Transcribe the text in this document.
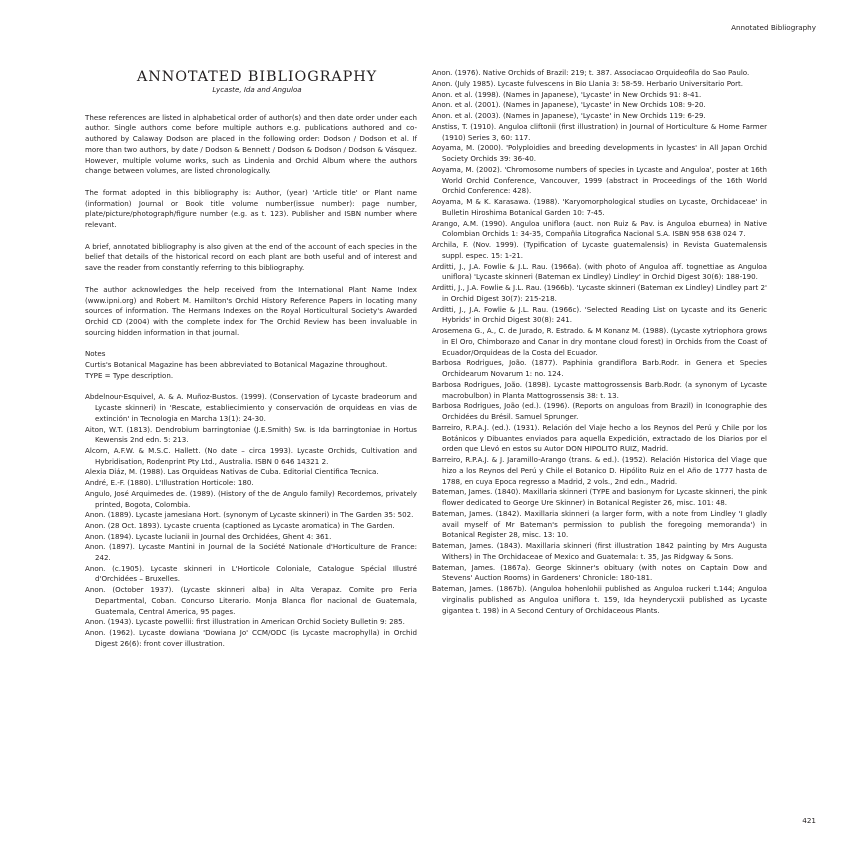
Annotated Bibliography
ANNOTATED BIBLIOGRAPHY
Lycaste, Ida and Anguloa

These references are listed in alphabetical order of author(s) and then date order under each author. Single authors come before multiple authors e.g. publications authored and co-authored by Calaway Dodson are placed in the following order: Dodson / Dodson et al. If more than two authors, by date / Dodson & Bennett / Dodson & Dodson / Dodson & Vásquez. However, multiple volume works, such as Lindenia and Orchid Album where the authors change between volumes, are listed chronologically.

The format adopted in this bibliography is: Author, (year) 'Article title' or Plant name (information) Journal or Book title volume number(issue number): page number, plate/picture/photograph/figure number (e.g. as t. 123). Publisher and ISBN number where relevant.

A brief, annotated bibliography is also given at the end of the account of each species in the belief that details of the historical record on each plant are both useful and of interest and save the reader from constantly referring to this bibliography.

The author acknowledges the help received from the International Plant Name Index (www.ipni.org) and Robert M. Hamilton's Orchid History Reference Papers in locating many sources of information. The Hermans Indexes on the Royal Horticultural Society's Awarded Orchid CD (2004) with the complete index for The Orchid Review has been invaluable in sourcing hidden information in that journal.

Notes
Curtis's Botanical Magazine has been abbreviated to Botanical Magazine throughout.
TYPE = Type description.
Abdelnour-Esquivel, A. & A. Muñoz-Bustos. (1999). (Conservation of Lycaste bradeorum and Lycaste skinneri) in 'Rescate, establiecimiento y conservación de orquideas en vias de extinción' in Tecnologia en Marcha 13(1): 24-30.
Aiton, W.T. (1813). Dendrobium barringtoniae (J.E.Smith) Sw. is Ida barringtoniae in Hortus Kewensis 2nd edn. 5: 213.
Alcorn, A.F.W. & M.S.C. Hallett. (No date – circa 1993). Lycaste Orchids, Cultivation and Hybridisation, Rodenprint Pty Ltd., Australia. ISBN 0 646 14321 2.
Alexia Diáz, M. (1988). Las Orquideas Nativas de Cuba. Editorial Cientifica Tecnica.
André, E.-F. (1880). L'Illustration Horticole: 180.
Angulo, José Arquimedes de. (1989). (History of the de Angulo family) Recordemos, privately printed, Bogota, Colombia.
Anon. (1889). Lycaste jamesiana Hort. (synonym of Lycaste skinneri) in The Garden 35: 502.
Anon. (28 Oct. 1893). Lycaste cruenta (captioned as Lycaste aromatica) in The Garden.
Anon. (1894). Lycaste lucianii in Journal des Orchidées, Ghent 4: 361.
Anon. (1897). Lycaste Mantini in Journal de la Société Nationale d'Horticulture de France: 242.
Anon. (c.1905). Lycaste skinneri in L'Horticole Coloniale, Catalogue Spécial Illustré d'Orchidées – Bruxelles.
Anon. (October 1937). (Lycaste skinneri alba) in Alta Verapaz. Comite pro Feria Departmental, Coban. Concurso Literario. Monja Blanca flor nacional de Guatemala, Guatemala, Central America, 95 pages.
Anon. (1943). Lycaste powellii: first illustration in American Orchid Society Bulletin 9: 285.
Anon. (1962). Lycaste dowiana 'Dowiana Jo' CCM/ODC (is Lycaste macrophylla) in Orchid Digest 26(6): front cover illustration.
Anon. (1976). Native Orchids of Brazil: 219; t. 387. Associacao Orquideofila do Sao Paulo.
Anon. (July 1985). Lycaste fulvescens in Bio Llania 3: 58-59. Herbario Universitario Port.
Anon. et al. (1998). (Names in Japanese), 'Lycaste' in New Orchids 91: 8-41.
Anon. et al. (2001). (Names in Japanese), 'Lycaste' in New Orchids 108: 9-20.
Anon. et al. (2003). (Names in Japanese), 'Lycaste' in New Orchids 119: 6-29.
Anstiss, T. (1910). Anguloa cliftonii (first illustration) in Journal of Horticulture & Home Farmer (1910) Series 3, 60: 117.
Aoyama, M. (2000). 'Polyploidies and breeding developments in lycastes' in All Japan Orchid Society Orchids 39: 36-40.
Aoyama, M. (2002). 'Chromosome numbers of species in Lycaste and Anguloa', poster at 16th World Orchid Conference, Vancouver, 1999 (abstract in Proceedings of the 16th World Orchid Conference: 428).
Aoyama, M & K. Karasawa. (1988). 'Karyomorphological studies on Lycaste, Orchidaceae' in Bulletin Hiroshima Botanical Garden 10: 7-45.
Arango, A.M. (1990). Anguloa uniflora (auct. non Ruiz & Pav. is Anguloa eburnea) in Native Colombian Orchids 1: 34-35, Compañia Litografica Nacional S.A. ISBN 958 638 024 7.
Archila, F. (Nov. 1999). (Typification of Lycaste guatemalensis) in Revista Guatemalensis suppl. espec. 15: 1-21.
Arditti, J., J.A. Fowlie & J.L. Rau. (1966a). (with photo of Anguloa aff. tognettiae as Anguloa uniflora) 'Lycaste skinneri (Bateman ex Lindley) Lindley' in Orchid Digest 30(6): 188-190.
Arditti, J., J.A. Fowlie & J.L. Rau. (1966b). 'Lycaste skinneri (Bateman ex Lindley) Lindley part 2' in Orchid Digest 30(7): 215-218.
Arditti, J., J.A. Fowlie & J.L. Rau. (1966c). 'Selected Reading List on Lycaste and its Generic Hybrids' in Orchid Digest 30(8): 241.
Arosemena G., A., C. de Jurado, R. Estrado. & M Konanz M. (1988). (Lycaste xytriophora grows in El Oro, Chimborazo and Canar in dry montane cloud forest) in Orchids from the Coast of Ecuador/Orquideas de la Costa del Ecuador.
Barbosa Rodrigues, João. (1877). Paphinia grandiflora Barb.Rodr. in Genera et Species Orchidearum Novarum 1: no. 124.
Barbosa Rodrigues, João. (1898). Lycaste mattogrossensis Barb.Rodr. (a synonym of Lycaste macrobulbon) in Planta Mattogrossensis 38: t. 13.
Barbosa Rodrigues, João (ed.). (1996). (Reports on anguloas from Brazil) in Iconographie des Orchidées du Brésil. Samuel Sprunger.
Barreiro, R.P.A.J. (ed.). (1931). Relación del Viaje hecho a los Reynos del Perú y Chile por los Botánicos y Dibuantes enviados para aquella Expedición, extractado de los Diarios por el orden que Llevó en estos su Autor DON HIPOLITO RUIZ, Madrid.
Barreiro, R.P.A.J. & J. Jaramillo-Arango (trans. & ed.). (1952). Relación Historica del Viage que hizo a los Reynos del Perú y Chile el Botanico D. Hipólito Ruiz en el Año de 1777 hasta de 1788, en cuya Epoca regresso a Madrid, 2 vols., 2nd edn., Madrid.
Bateman, James. (1840). Maxillaria skinneri (TYPE and basionym for Lycaste skinneri, the pink flower dedicated to George Ure Skinner) in Botanical Register 26, misc. 101: 48.
Bateman, James. (1842). Maxillaria skinneri (a larger form, with a note from Lindley 'I gladly avail myself of Mr Bateman's permission to publish the foregoing memoranda') in Botanical Register 28, misc. 13: 10.
Bateman, James. (1843). Maxillaria skinneri (first illustration 1842 painting by Mrs Augusta Withers) in The Orchidaceae of Mexico and Guatemala: t. 35, Jas Ridgway & Sons.
Bateman, James. (1867a). George Skinner's obituary (with notes on Captain Dow and Stevens' Auction Rooms) in Gardeners' Chronicle: 180-181.
Bateman, James. (1867b). (Anguloa hohenlohii published as Anguloa ruckeri t.144; Anguloa virginalis published as Anguloa uniflora t. 159, Ida heynderycxii published as Lycaste gigantea t. 198) in A Second Century of Orchidaceous Plants.
421
